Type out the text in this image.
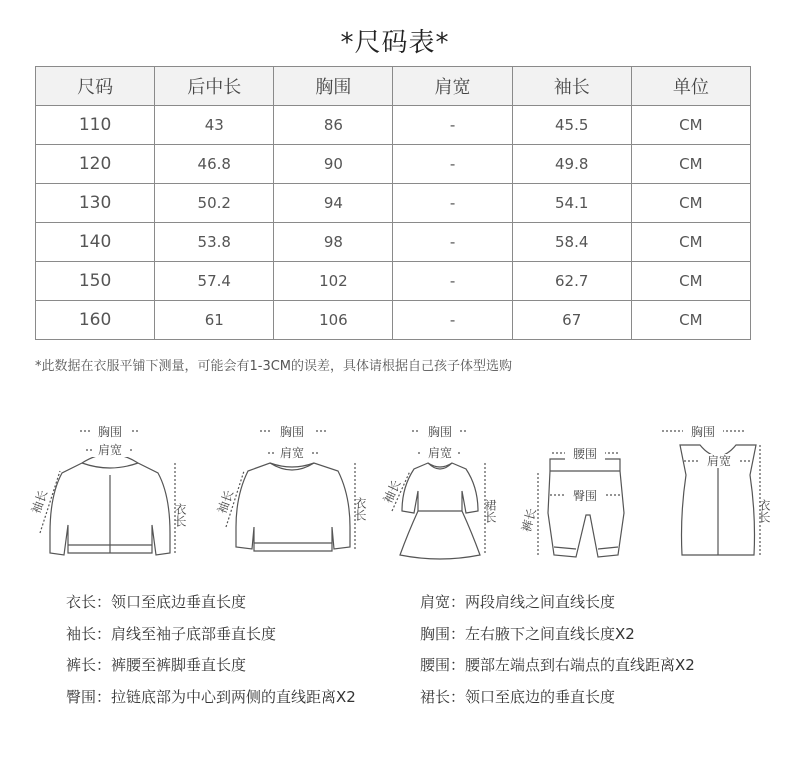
*尺码表*
尺码	后中长	胸围	肩宽	袖长	单位
110	43	86	-	45.5	CM
120	46.8	90	-	49.8	CM
130	50.2	94	-	54.1	CM
140	53.8	98	-	58.4	CM
150	57.4	102	-	62.7	CM
160	61	106	-	67	CM
*此数据在衣服平铺下测量，可能会有1-3CM的误差，具体请根据自己孩子体型选购
胸围
肩宽
衣长
袖长
胸围
肩宽
衣长
袖长
胸围
肩宽
裙长
袖长
腰围
臀围
裤长
胸围
肩宽
衣长
衣长：领口至底边垂直长度
袖长：肩线至袖子底部垂直长度
裤长：裤腰至裤脚垂直长度
臀围：拉链底部为中心到两侧的直线距离X2
肩宽：两段肩线之间直线长度
胸围：左右腋下之间直线长度X2
腰围：腰部左端点到右端点的直线距离X2
裙长：领口至底边的垂直长度
